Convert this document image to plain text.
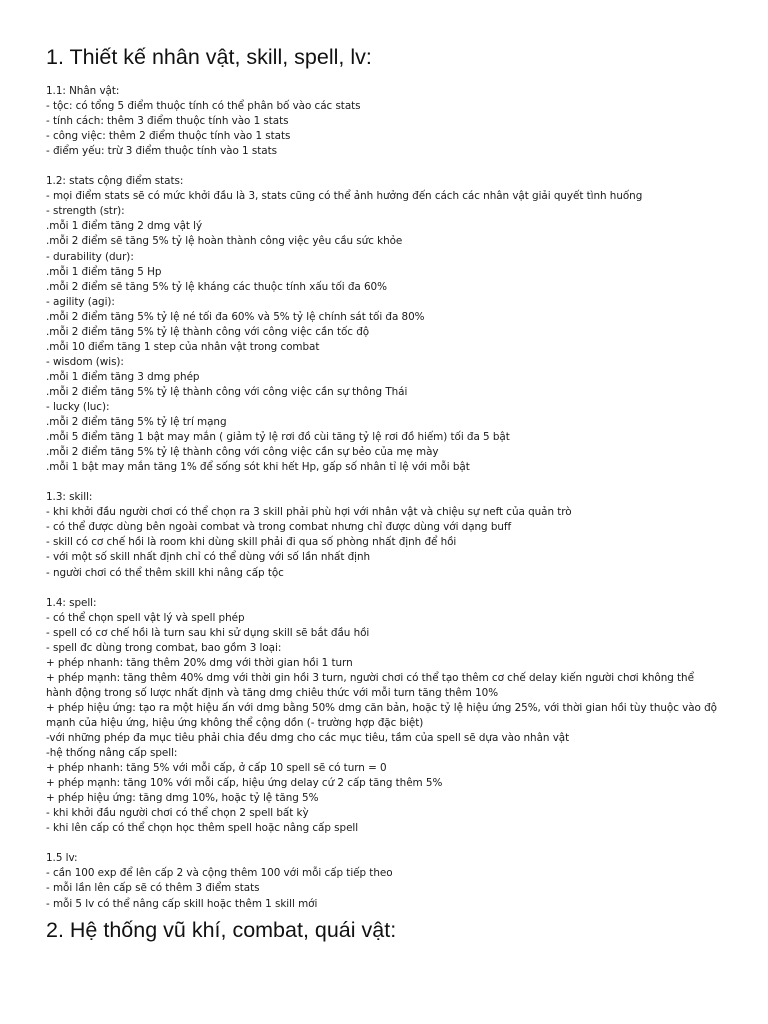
1. Thiết kế nhân vật, skill, spell, lv:
1.1: Nhân vật:
- tộc: có tổng 5 điểm thuộc tính có thể phân bố vào các stats
- tính cách: thêm 3 điểm thuộc tính vào 1 stats
- công việc: thêm 2 điểm thuộc tính vào 1 stats
- điểm yếu: trừ 3 điểm thuộc tính vào 1 stats
1.2: stats cộng điểm stats:
- mọi điểm stats sẽ có mức khởi đầu là 3, stats cũng có thể ảnh hưởng đến cách các nhân vật giải quyết tình huống
- strength (str):
.mỗi 1 điểm tăng 2 dmg vật lý
.mỗi 2 điểm sẽ tăng 5% tỷ lệ hoàn thành công việc yêu cầu sức khỏe
- durability (dur):
.mỗi 1 điểm tăng 5 Hp
.mỗi 2 điểm sẽ tăng 5% tỷ lệ kháng các thuộc tính xấu tối đa 60%
- agility (agi):
.mỗi 2 điểm tăng 5% tỷ lệ né tối đa 60% và 5% tỷ lệ chính sát tối đa 80%
.mỗi 2 điểm tăng 5% tỷ lệ thành công với công việc cần tốc độ
.mỗi 10 điểm tăng 1 step của nhân vật trong combat
- wisdom (wis):
.mỗi 1 điểm tăng 3 dmg phép
.mỗi 2 điểm tăng 5% tỷ lệ thành công với công việc cần sự thông Thái
- lucky (luc):
.mỗi 2 điểm tăng 5% tỷ lệ trí mạng
.mỗi 5 điểm tăng 1 bật may mắn ( giảm tỷ lệ rơi đồ cùi tăng tỷ lệ rơi đồ hiếm) tối đa 5 bật
.mỗi 2 điểm tăng 5% tỷ lệ thành công với công việc cần sự bẻo của mẹ mày
.mỗi 1 bật may mắn tăng 1% để sống sót khi hết Hp, gấp số nhân tỉ lệ với mỗi bật
1.3: skill:
- khi khởi đầu người chơi có thể chọn ra 3 skill phải phù hợi với nhân vật và chiệu sự neft của quản trò
- có thể được dùng bên ngoài combat và trong combat nhưng chỉ được dùng với dạng buff
- skill có cơ chế hồi là room khi dùng skill phải đi qua số phòng nhất định để hồi
- với một số skill nhất định chỉ có thể dùng với số lần nhất định
- người chơi có thể thêm skill khi nâng cấp tộc
1.4: spell:
- có thể chọn spell vật lý và spell phép
- spell có cơ chế hồi là turn sau khi sử dụng skill sẽ bắt đầu hồi
- spell đc dùng trong combat, bao gồm 3 loại:
+ phép nhanh: tăng thêm 20% dmg với thời gian hồi 1 turn
+ phép mạnh: tăng thêm 40% dmg với thời gin hồi 3 turn, người chơi có thể tạo thêm cơ chế delay kiến người chơi không thể
hành động trong số lược nhất định và tăng dmg chiêu thức với mỗi turn tăng thêm 10%
+ phép hiệu ứng: tạo ra một hiệu ấn với dmg bằng 50% dmg căn bản, hoặc tỷ lệ hiệu ứng 25%, với thời gian hồi tùy thuộc vào độ
mạnh của hiệu ứng, hiệu ứng không thể cộng dồn (- trường hợp đặc biệt)
-với những phép đa mục tiêu phải chia đều dmg cho các mục tiêu, tầm của spell sẽ dựa vào nhân vật
-hệ thống nâng cấp spell:
+ phép nhanh: tăng 5% với mỗi cấp, ở cấp 10 spell sẽ có turn = 0
+ phép mạnh: tăng 10% với mỗi cấp, hiệu ứng delay cứ 2 cấp tăng thêm 5%
+ phép hiệu ứng: tăng dmg 10%, hoặc tỷ lệ tăng 5%
- khi khởi đầu người chơi có thể chọn 2 spell bất kỳ
- khi lên cấp có thể chọn học thêm spell hoặc nâng cấp spell
1.5 lv:
- cần 100 exp để lên cấp 2 và cộng thêm 100 với mỗi cấp tiếp theo
- mỗi lần lên cấp sẽ có thêm 3 điểm stats
- mỗi 5 lv có thể nâng cấp skill hoặc thêm 1 skill mới
2. Hệ thống vũ khí, combat, quái vật:
